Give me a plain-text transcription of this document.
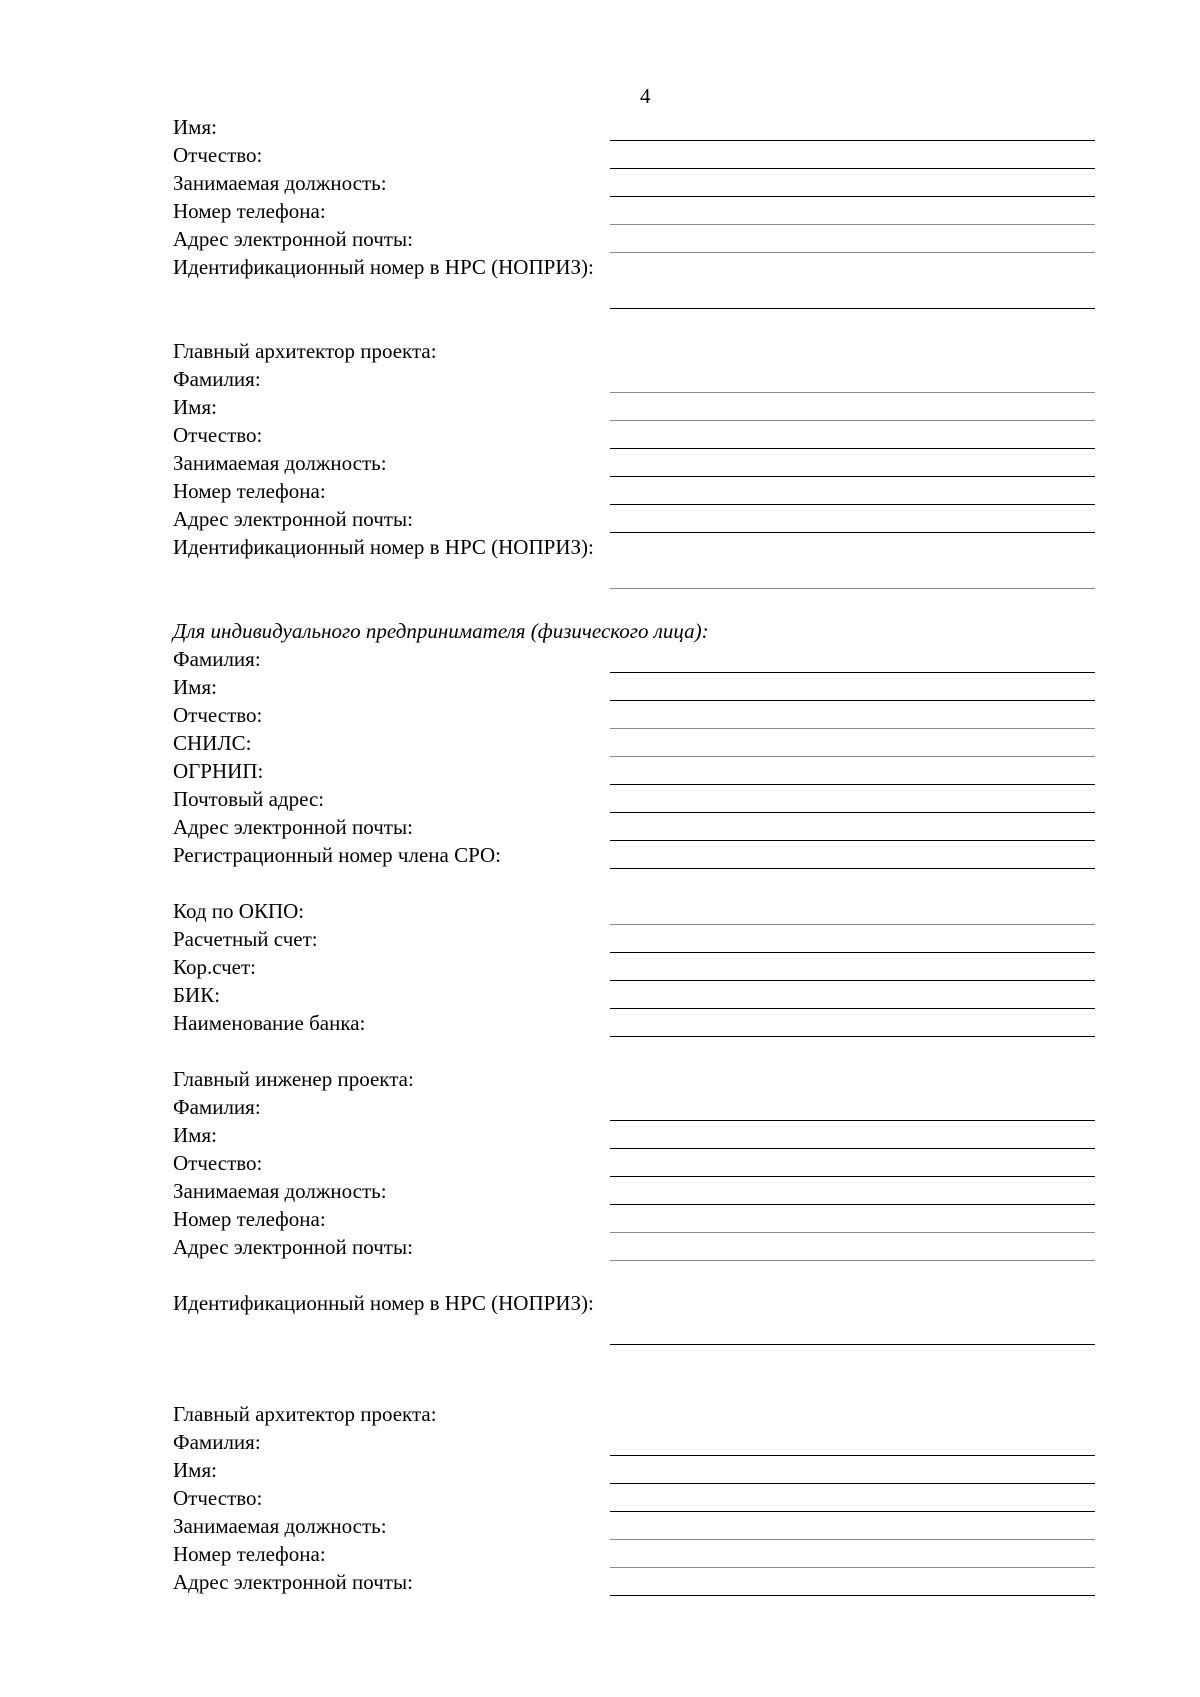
4
Имя:
Отчество:
Занимаемая должность:
Номер телефона:
Адрес электронной почты:
Идентификационный номер в НРС (НОПРИЗ):
Главный архитектор проекта:
Фамилия:
Имя:
Отчество:
Занимаемая должность:
Номер телефона:
Адрес электронной почты:
Идентификационный номер в НРС (НОПРИЗ):
Для индивидуального предпринимателя (физического лица):
Фамилия:
Имя:
Отчество:
СНИЛС:
ОГРНИП:
Почтовый адрес:
Адрес электронной почты:
Регистрационный номер члена СРО:
Код по ОКПО:
Расчетный счет:
Кор.счет:
БИК:
Наименование банка:
Главный инженер проекта:
Фамилия:
Имя:
Отчество:
Занимаемая должность:
Номер телефона:
Адрес электронной почты:
Идентификационный номер в НРС (НОПРИЗ):
Главный архитектор проекта:
Фамилия:
Имя:
Отчество:
Занимаемая должность:
Номер телефона:
Адрес электронной почты:
